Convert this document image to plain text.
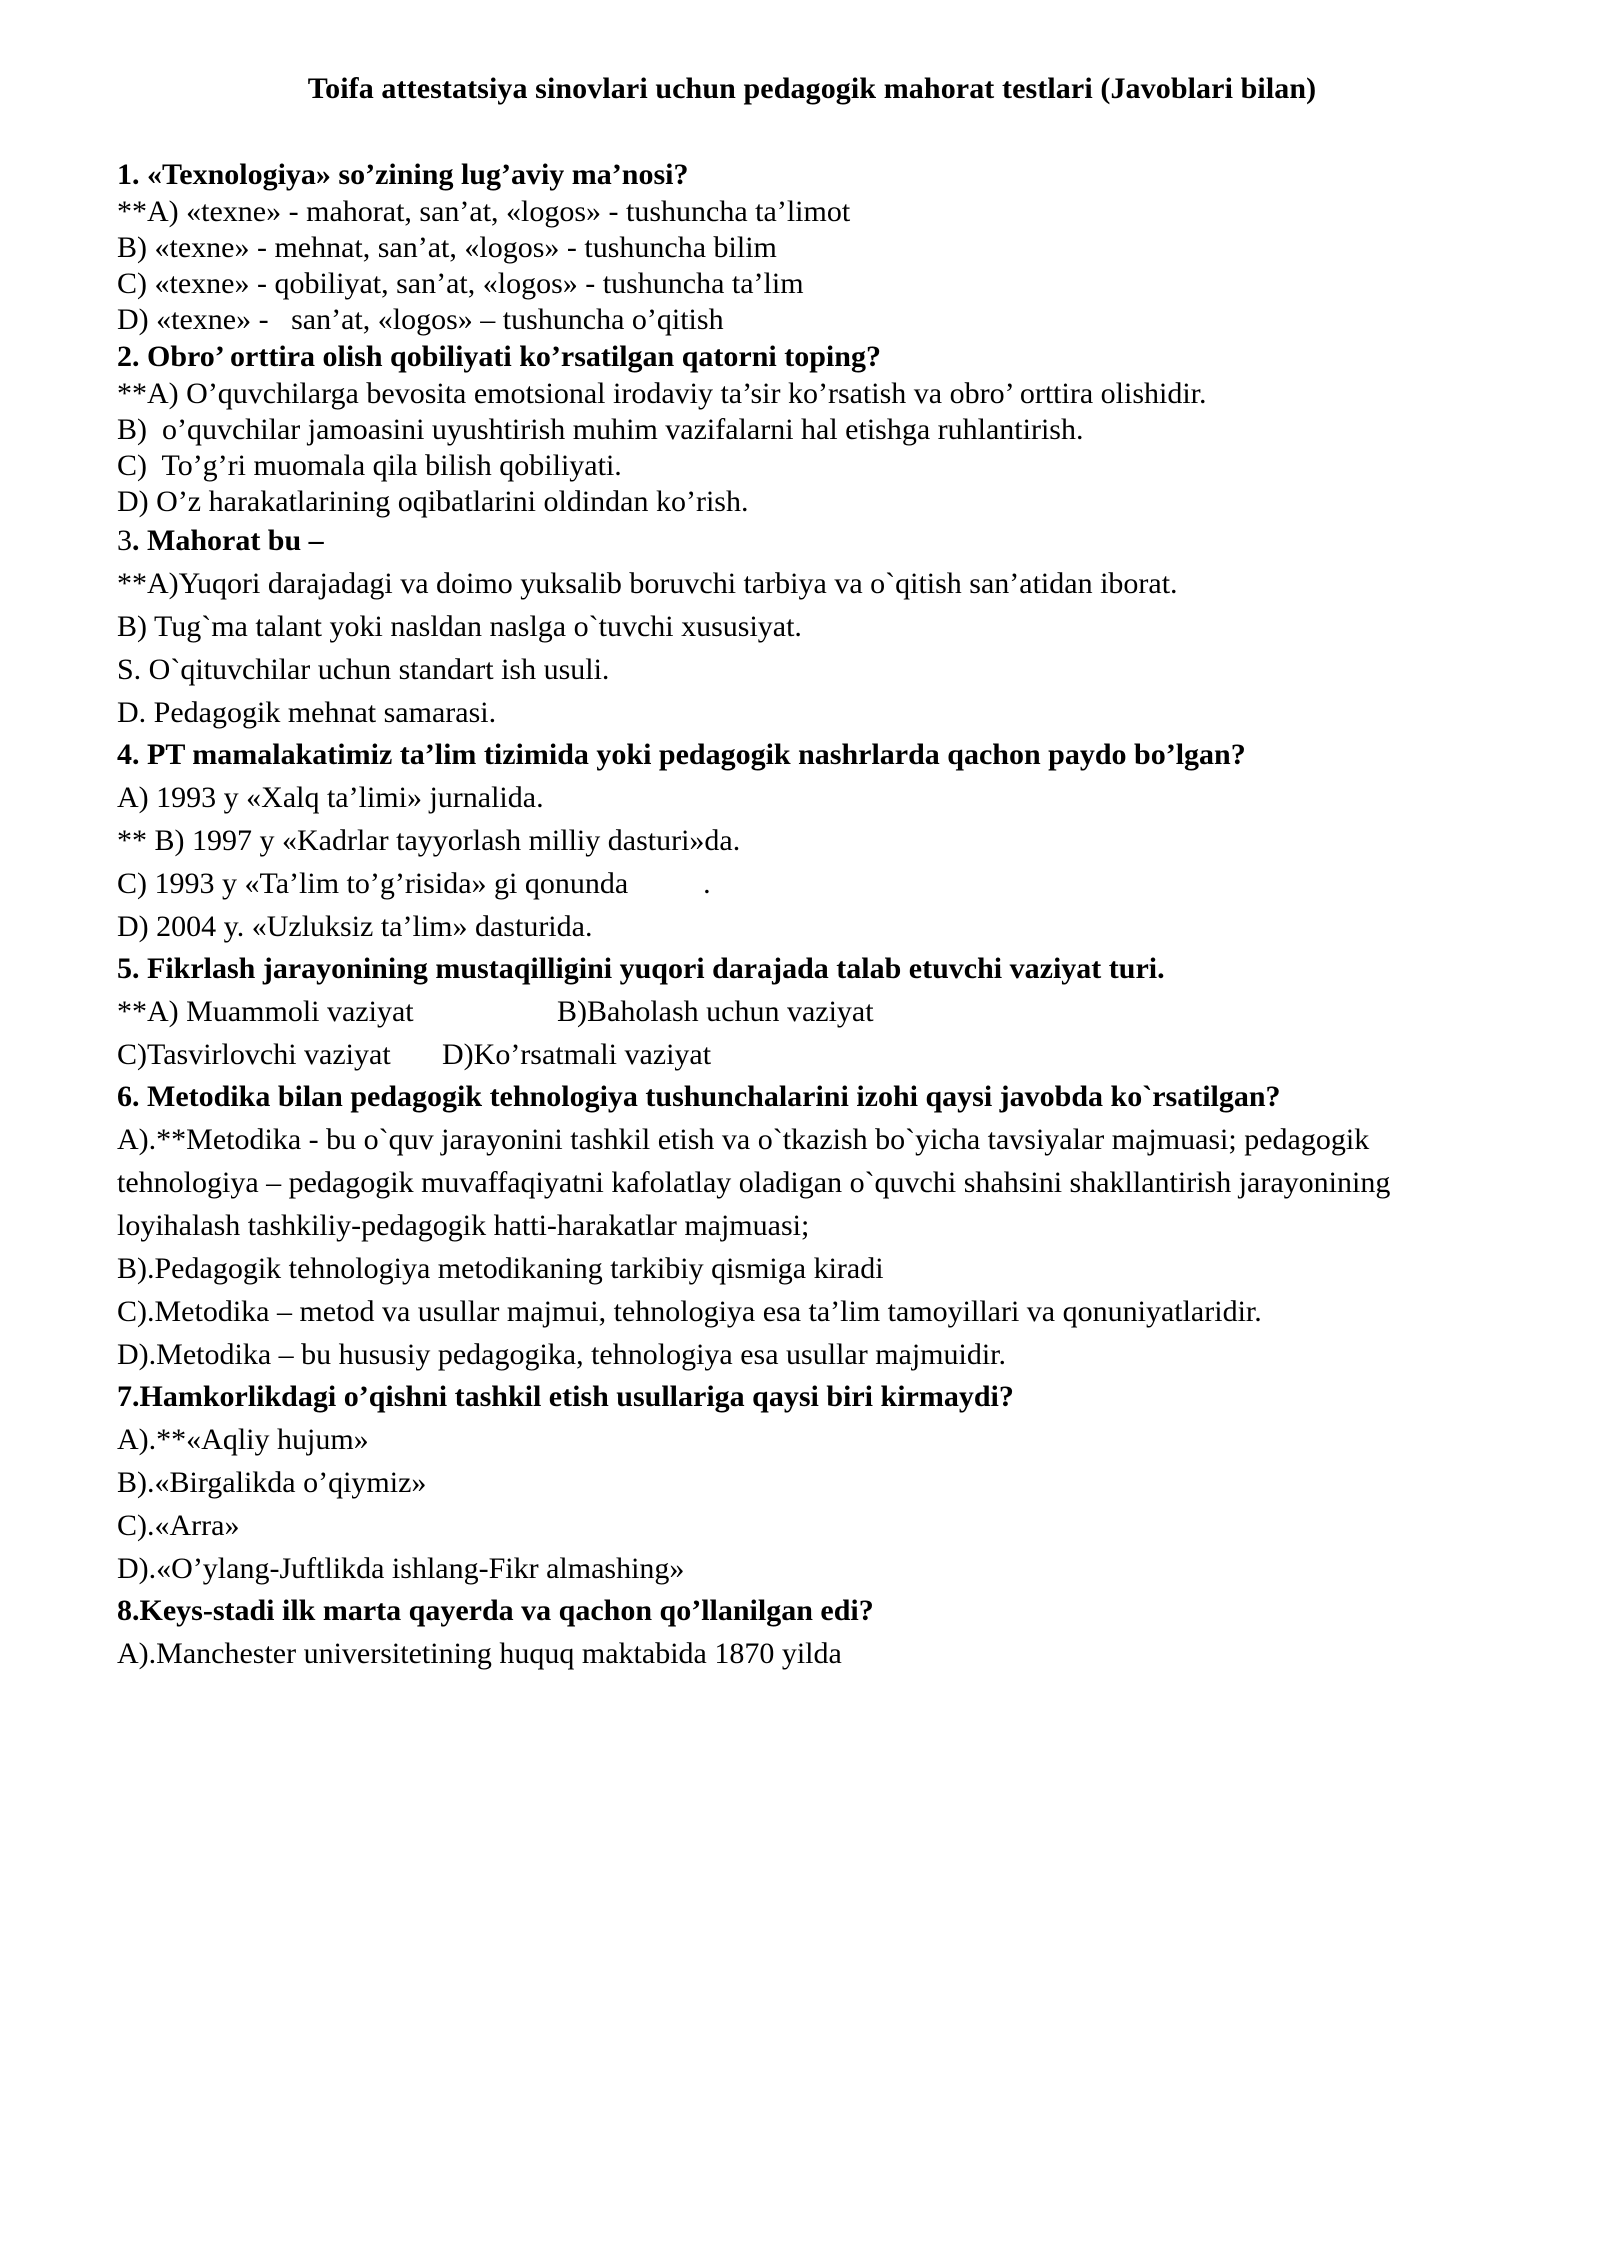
Toifa attestatsiya sinovlari uchun pedagogik mahorat testlari (Javoblari bilan)

1. «Texnologiya» so’zining lug’aviy ma’nosi?

**A) «texne» - mahorat, san’at, «logos» - tushuncha ta’limot

B) «texne» - mehnat, san’at, «logos» - tushuncha bilim

C) «texne» - qobiliyat, san’at, «logos» - tushuncha ta’lim

D) «texne» -   san’at, «logos» – tushuncha o’qitish

2. Obro’ orttira olish qobiliyati ko’rsatilgan qatorni toping?

**A) O’quvchilarga bevosita emotsional irodaviy ta’sir ko’rsatish va obro’ orttira olishidir.

B)  o’quvchilar jamoasini uyushtirish muhim vazifalarni hal etishga ruhlantirish.

C)  To’g’ri muomala qila bilish qobiliyati.

D) O’z harakatlarining oqibatlarini oldindan ko’rish.

3. Mahorat bu –

**A)Yuqori darajadagi va doimo yuksalib boruvchi tarbiya va o`qitish san’atidan iborat.

B) Tug`ma talant yoki nasldan naslga o`tuvchi xususiyat.

S. O`qituvchilar uchun standart ish usuli.

D. Pedagogik mehnat samarasi.

4. PT mamalakatimiz ta’lim tizimida yoki pedagogik nashrlarda qachon paydo bo’lgan?

A) 1993 y «Xalq ta’limi» jurnalida.

** B) 1997 y «Kadrlar tayyorlash milliy dasturi»da.

C) 1993 y «Ta’lim to’g’risida» gi qonunda          .

D) 2004 y. «Uzluksiz ta’lim» dasturida.

5. Fikrlash jarayonining mustaqilligini yuqori darajada talab etuvchi vaziyat turi.

**A) Muammoli vaziyat	B)Baholash uchun vaziyat
C)Tasvirlovchi vaziyat D)Ko’rsatmali vaziyat

6. Metodika bilan pedagogik tehnologiya tushunchalarini izohi qaysi javobda ko`rsatilgan?

A).**Metodika - bu o`quv jarayonini tashkil etish va o`tkazish bo`yicha tavsiyalar majmuasi; pedagogik tehnologiya – pedagogik muvaffaqiyatni kafolatlay oladigan o`quvchi shahsini shakllantirish jarayonining loyihalash tashkiliy-pedagogik hatti-harakatlar majmuasi;

B).Pedagogik tehnologiya metodikaning tarkibiy qismiga kiradi

C).Metodika – metod va usullar majmui, tehnologiya esa ta’lim tamoyillari va qonuniyatlaridir.

D).Metodika – bu hususiy pedagogika, tehnologiya esa usullar majmuidir.

7.Hamkorlikdagi o’qishni tashkil etish usullariga qaysi biri kirmaydi?

A).**«Aqliy hujum»

B).«Birgalikda o’qiymiz»

C).«Arra»

D).«O’ylang-Juftlikda ishlang-Fikr almashing»

8.Keys-stadi ilk marta qayerda va qachon qo’llanilgan edi?

A).Manchester universitetining huquq maktabida 1870 yilda
